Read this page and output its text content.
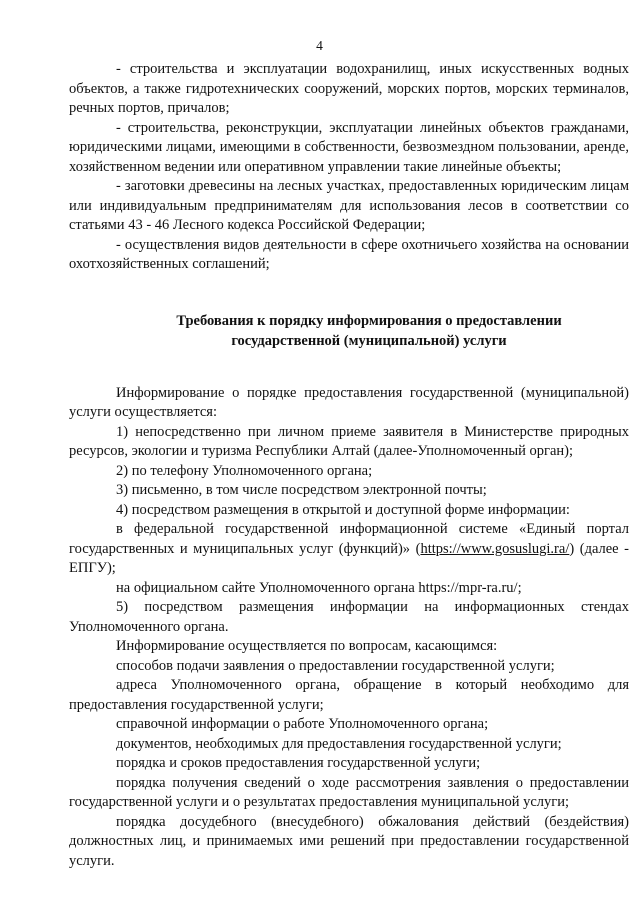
4

- строительства и эксплуатации водохранилищ, иных искусственных водных объектов, а также гидротехнических сооружений, морских портов, морских терминалов, речных портов, причалов;

- строительства, реконструкции, эксплуатации линейных объектов гражданами, юридическими лицами, имеющими в собственности, безвозмездном пользовании, аренде, хозяйственном ведении или оперативном управлении такие линейные объекты;

- заготовки древесины на лесных участках, предоставленных юридическим лицам или индивидуальным предпринимателям для использования лесов в соответствии со статьями 43 - 46 Лесного кодекса Российской Федерации;

- осуществления видов деятельности в сфере охотничьего хозяйства на основании охотхозяйственных соглашений;

Требования к порядку информирования о предоставлении
государственной (муниципальной) услуги

Информирование о порядке предоставления государственной (муниципальной) услуги осуществляется:

1) непосредственно при личном приеме заявителя в Министерстве природных ресурсов, экологии и туризма Республики Алтай (далее-Уполномоченный орган);

2) по телефону Уполномоченного органа;

3) письменно, в том числе посредством электронной почты;

4) посредством размещения в открытой и доступной форме информации:

в федеральной государственной информационной системе «Единый портал государственных и муниципальных услуг (функций)» (https://www.gosuslugi.ra/) (далее - ЕПГУ);

на официальном сайте Уполномоченного органа https://mpr-ra.ru/;

5) посредством размещения информации на информационных стендах Уполномоченного органа.

Информирование осуществляется по вопросам, касающимся:

способов подачи заявления о предоставлении государственной услуги;

адреса Уполномоченного органа, обращение в который необходимо для предоставления государственной услуги;

справочной информации о работе Уполномоченного органа;

документов, необходимых для предоставления государственной услуги;

порядка и сроков предоставления государственной услуги;

порядка получения сведений о ходе рассмотрения заявления о предоставлении государственной услуги и о результатах предоставления муниципальной услуги;

порядка досудебного (внесудебного) обжалования действий (бездействия) должностных лиц, и принимаемых ими решений при предоставлении государственной услуги.
